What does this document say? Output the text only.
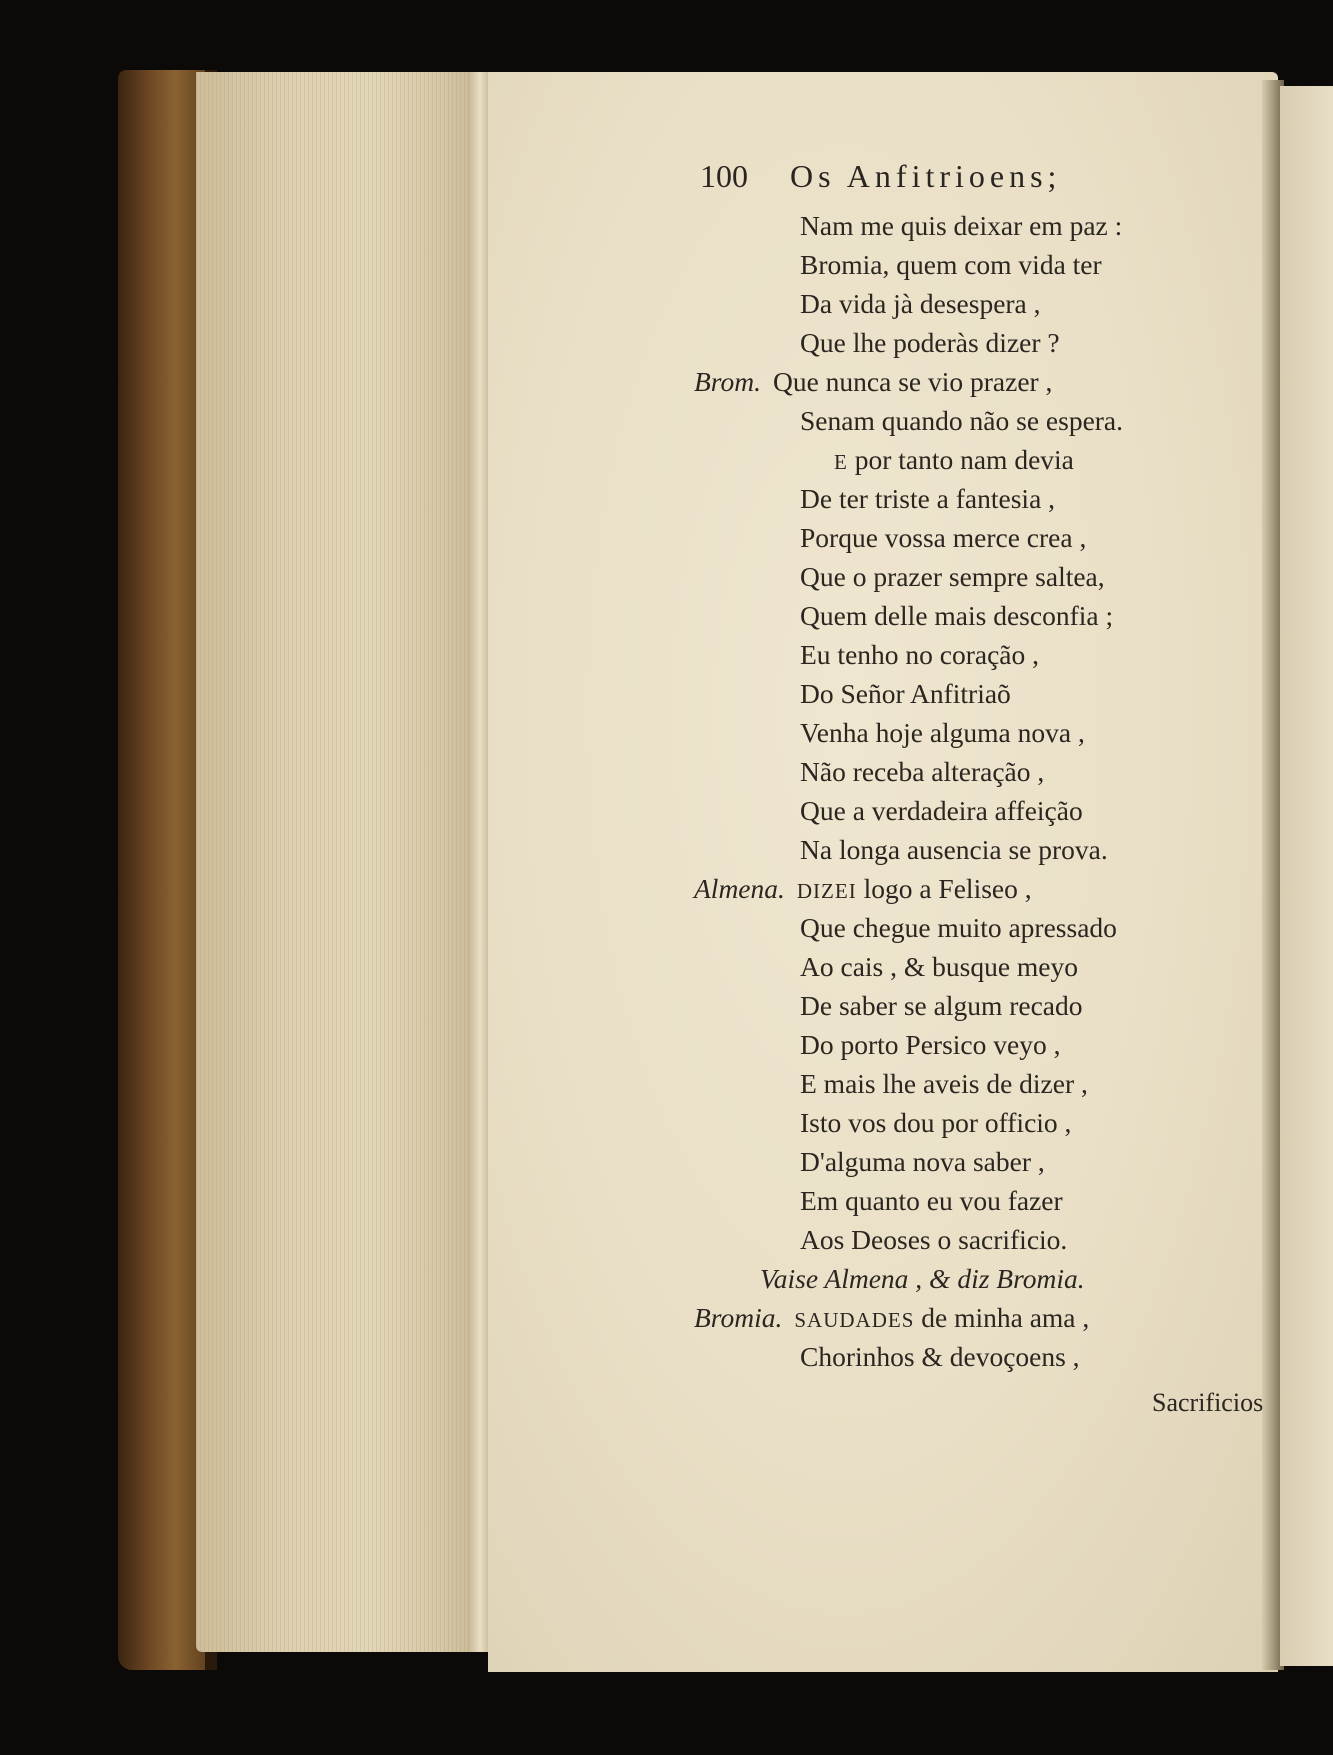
100 Os Anfitrioens;
Nam me quis deixar em paz :
Bromia, quem com vida ter
Da vida jà desespera ,
Que lhe poderàs dizer ?
Brom. Que nunca se vio prazer ,
Senam quando não se espera.
E por tanto nam devia
De ter triste a fantesia ,
Porque vossa merce crea ,
Que o prazer sempre saltea,
Quem delle mais desconfia ;
Eu tenho no coração ,
Do Señor Anfitriaõ
Venha hoje alguma nova ,
Não receba alteração ,
Que a verdadeira affeição
Na longa ausencia se prova.
Almena. DIZEI logo a Feliseo ,
Que chegue muito apressado
Ao cais , & busque meyo
De saber se algum recado
Do porto Persico veyo ,
E mais lhe aveis de dizer ,
Isto vos dou por officio ,
D'alguma nova saber ,
Em quanto eu vou fazer
Aos Deoses o sacrificio.
Vaise Almena , & diz Bromia.
Bromia. SAUDADES de minha ama ,
Chorinhos & devoçoens ,
Sacrificios
